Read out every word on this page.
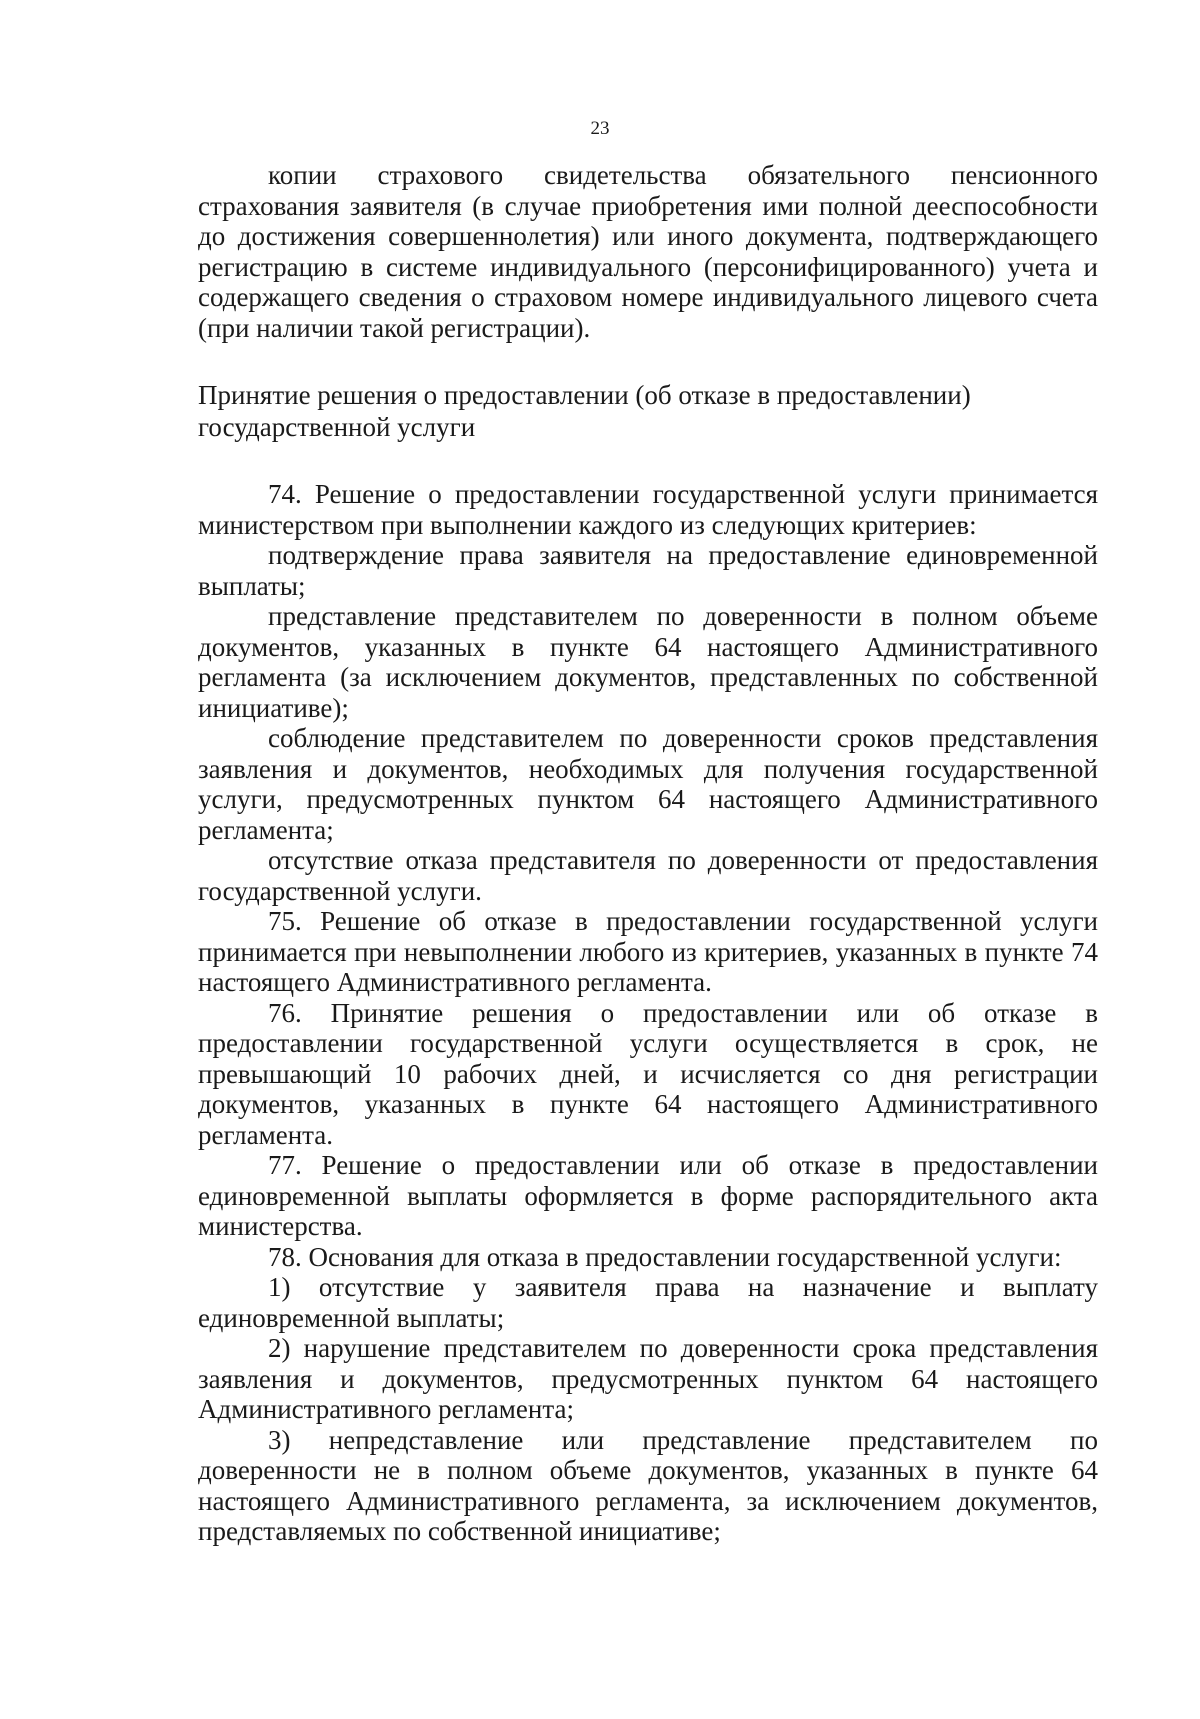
23

копии страхового свидетельства обязательного пенсионного страхования заявителя (в случае приобретения ими полной дееспособности до достижения совершеннолетия) или иного документа, подтверждающего регистрацию в системе индивидуального (персонифицированного) учета и содержащего сведения о страховом номере индивидуального лицевого счета (при наличии такой регистрации).

Принятие решения о предоставлении (об отказе в предоставлении)
государственной услуги

74. Решение о предоставлении государственной услуги принимается министерством при выполнении каждого из следующих критериев:

подтверждение права заявителя на предоставление единовременной выплаты;

представление представителем по доверенности в полном объеме документов, указанных в пункте 64 настоящего Административного регламента (за исключением документов, представленных по собственной инициативе);

соблюдение представителем по доверенности сроков представления заявления и документов, необходимых для получения государственной услуги, предусмотренных пунктом 64 настоящего Административного регламента;

отсутствие отказа представителя по доверенности от предоставления государственной услуги.

75. Решение об отказе в предоставлении государственной услуги принимается при невыполнении любого из критериев, указанных в пункте 74 настоящего Административного регламента.

76. Принятие решения о предоставлении или об отказе в предоставлении государственной услуги осуществляется в срок, не превышающий 10 рабочих дней, и исчисляется со дня регистрации документов, указанных в пункте 64 настоящего Административного регламента.

77. Решение о предоставлении или об отказе в предоставлении единовременной выплаты оформляется в форме распорядительного акта министерства.

78. Основания для отказа в предоставлении государственной услуги:

1) отсутствие у заявителя права на назначение и выплату единовременной выплаты;

2) нарушение представителем по доверенности срока представления заявления и документов, предусмотренных пунктом 64 настоящего Административного регламента;

3) непредставление или представление представителем по доверенности не в полном объеме документов, указанных в пункте 64 настоящего Административного регламента, за исключением документов, представляемых по собственной инициативе;
